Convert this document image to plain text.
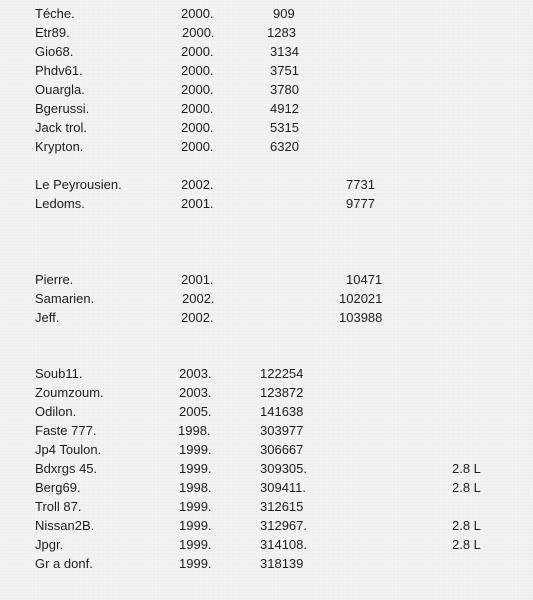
Téche.	2000.	909
Etr89.	2000.	1283
Gio68.	2000.	3134
Phdv61.	2000.	3751
Ouargla.	2000.	3780
Bgerussi.	2000.	4912
Jack trol.	2000.	5315
Krypton.	2000.	6320
Le Peyrousien.	2002.	7731
Ledoms.	2001.	9777
Pierre.	2001.	10471
Samarien.	2002.	102021
Jeff.	2002.	103988
Soub11.	2003.	122254
Zoumzoum.	2003.	123872
Odilon.	2005.	141638
Faste 777.	1998.	303977
Jp4 Toulon.	1999.	306667
Bdxrgs 45.	1999.	309305.	2.8 L
Berg69.	1998.	309411.	2.8 L
Troll 87.	1999.	312615
Nissan2B.	1999.	312967.	2.8 L
Jpgr.	1999.	314108.	2.8 L
Gr a donf.	1999.	318139
